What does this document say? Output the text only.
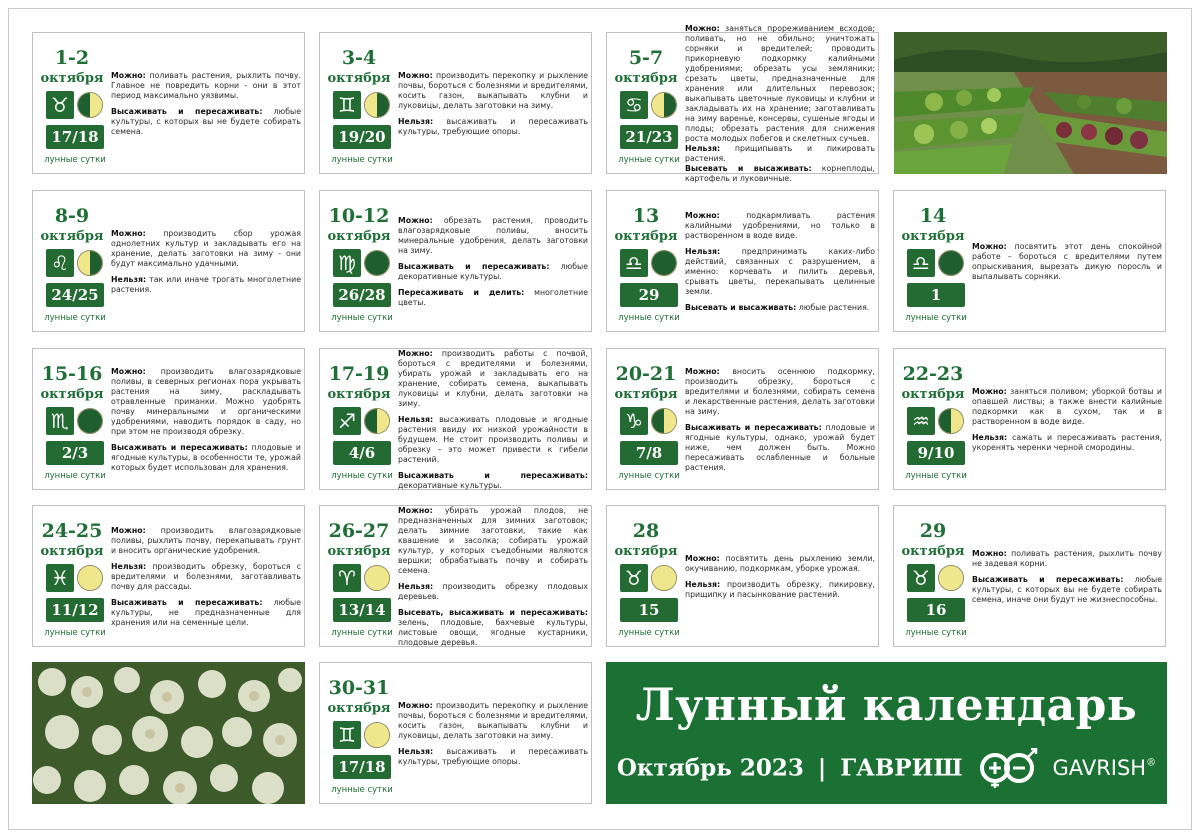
1-2
октября
♉
17/18
лунные сутки

Можно: поливать растения, рыхлить почву. Главное не повредить корни - они в этот период максимально уязвимы.

Высаживать и пересаживать: любые культуры, с которых вы не будете собирать семена.

3-4
октября
♊
19/20
лунные сутки

Можно: производить перекопку и рыхление почвы, бороться с болезнями и вредителями, косить газон, выкапывать клубни и луковицы, делать заготовки на зиму.

Нельзя: высаживать и пересаживать культуры, требующие опоры.

5-7
октября
♋
21/23
лунные сутки

Можно: заняться прореживанием всходов; поливать, но не обильно; уничтожать сорняки и вредителей; проводить прикорневую подкормку калийными удобрениями; обрезать усы земляники; срезать цветы, предназначенные для хранения или длительных перевозок; выкапывать цветочные луковицы и клубни и закладывать их на хранение; заготавливать на зиму варенье, консервы, сушеные ягоды и плоды; обрезать растения для снижения роста молодых побегов и скелетных сучьев.
Нельзя: прищипывать и пикировать растения.
Высевать и высаживать: корнеплоды, картофель и луковичные.

8-9
октября
♌
24/25
лунные сутки

Можно: производить сбор урожая однолетних культур и закладывать его на хранение, делать заготовки на зиму - они будут максимально удачными.

Нельзя: так или иначе трогать многолетние растения.

10-12
октября
♍
26/28
лунные сутки

Можно: обрезать растения, проводить влагозарядковые поливы, вносить минеральные удобрения, делать заготовки на зиму.

Высаживать и пересаживать: любые декоративные культуры.

Пересаживать и делить: многолетние цветы.

13
октября
♎
29
лунные сутки

Можно: подкармливать растения калийными удобрениями, но только в растворенном в воде виде.

Нельзя: предпринимать каких-либо действий, связанных с разрушением, а именно: корчевать и пилить деревья, срывать цветы, перекапывать целинные земли.

Высевать и высаживать: любые растения.

14
октября
♎
1
лунные сутки

Можно: посвятить этот день спокойной работе – бороться с вредителями путем опрыскивания, вырезать дикую поросль и выпалывать сорняки.

15-16
октября
♏
2/3
лунные сутки

Можно: производить влагозарядковые поливы, в северных регионах пора укрывать растения на зиму, раскладывать отравленные приманки. Можно удобрять почву минеральными и органическими удобрениями, наводить порядок в саду, но при этом не производя обрезку.

Высаживать и пересаживать: плодовые и ягодные культуры, в особенности те, урожай которых будет использован для хранения.

17-19
октября
♐
4/6
лунные сутки

Можно: производить работы с почвой, бороться с вредителями и болезнями, убирать урожай и закладывать его на хранение, собирать семена, выкапывать луковицы и клубни, делать заготовки на зиму.

Нельзя: высаживать плодовые и ягодные растения ввиду их низкой урожайности в будущем. Не стоит производить поливы и обрезку – это может привести к гибели растений.

Высаживать и пересаживать: декоративные культуры.

20-21
октября
♑
7/8
лунные сутки

Можно: вносить осеннюю подкормку, производить обрезку, бороться с вредителями и болезнями, собирать семена и лекарственные растения, делать заготовки на зиму.

Высаживать и пересаживать: плодовые и ягодные культуры, однако, урожай будет ниже, чем должен быть. Можно пересаживать ослабленные и больные растения.

22-23
октября
♒
9/10
лунные сутки

Можно: заняться поливом; уборкой ботвы и опавшей листвы; а также внести калийные подкормки как в сухом, так и в растворенном в воде виде.

Нельзя: сажать и пересаживать растения, укоренять черенки черной смородины.

24-25
октября
♓
11/12
лунные сутки

Можно: производить влагозарядковые поливы, рыхлить почву, перекапывать грунт и вносить органические удобрения.

Нельзя: производить обрезку, бороться с вредителями и болезнями, заготавливать почву для рассады.

Высаживать и пересаживать: любые культуры, не предназначенные для хранения или на семенные цели.

26-27
октября
♈
13/14
лунные сутки

Можно: убирать урожай плодов, не предназначенных для зимних заготовок; делать зимние заготовки, такие как квашение и засолка; собирать урожай культур, у которых съедобными являются вершки; обрабатывать почву и собирать семена.

Нельзя: производить обрезку плодовых деревьев.

Высевать, высаживать и пересаживать: зелень, плодовые, бахчевые культуры, листовые овощи, ягодные кустарники, плодовые деревья.

28
октября
♉
15
лунные сутки

Можно: посвятить день рыхлению земли, окучиванию, подкормкам, уборке урожая.

Нельзя: производить обрезку, пикировку, прищипку и пасынкование растений.

29
октября
♉
16
лунные сутки

Можно: поливать растения, рыхлить почву не задевая корни.

Высаживать и пересаживать: любые культуры, с которых вы не будете собирать семена, иначе они будут не жизнеспособны.

30-31
октября
♊
17/18
лунные сутки

Можно: производить перекопку и рыхление почвы, бороться с болезнями и вредителями, косить газон, выкапывать клубни и луковицы, делать заготовки на зиму.

Нельзя: высаживать и пересаживать культуры, требующие опоры.

Лунный календарь
Октябрь 2023 | ГАВРИШ	GAVRISH®
